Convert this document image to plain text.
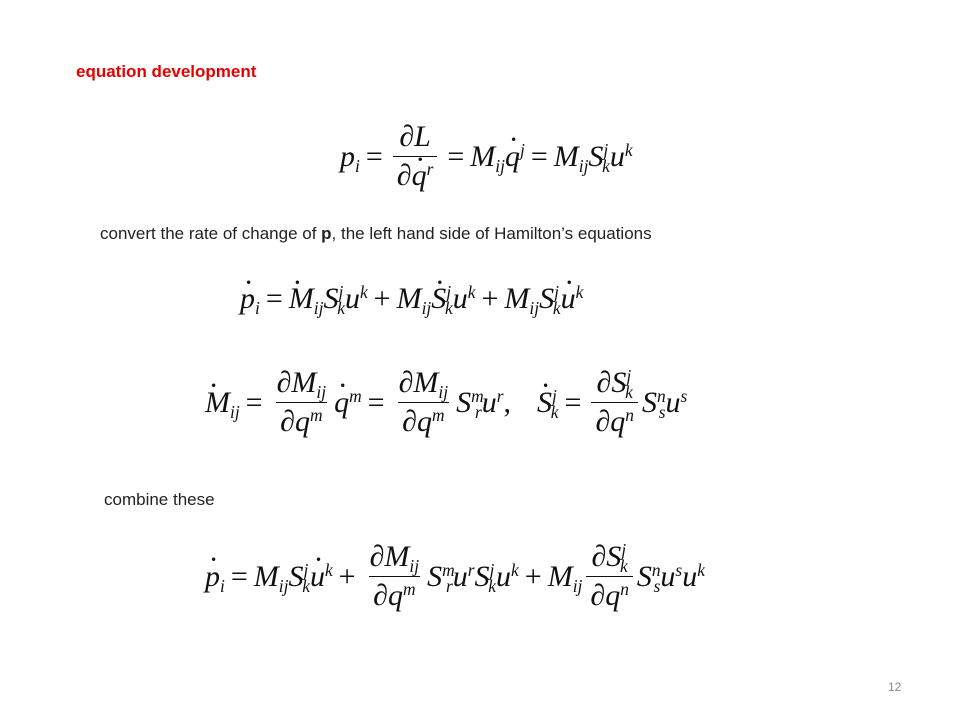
equation development
$p_i = \frac{\partial L}{\partial\cdot q^r} = M_{ij}\cdot q^j = M_{ij}S^j_ku^k$
convert the rate of change of p, the left hand side of Hamilton’s equations
· $p_i$ =
· $M_{ij}S^j_ku^k + M_{ij}\cdot S^j_ku^k + M_{ij}S^j_k\cdot u^k$
· $M_{ij} = \frac{\partial M_{ij}}{\partial q^m}$
· $q^m = \frac{\partial M_{ij}}{\partial q^m} S^m_ru^r$,
· $S^j_k = \frac{\partial S^j_k}{\partial q^n} S^n_su^s$
combine these
· $p_i = M_{ij}S^j_k\cdot u^k + \frac{\partial M_{ij}}{\partial q^m} S^m_ru^rS^j_ku^k + M_{ij} \frac{\partial S^j_k}{\partial q^n} S^n_su^su^k$
12
